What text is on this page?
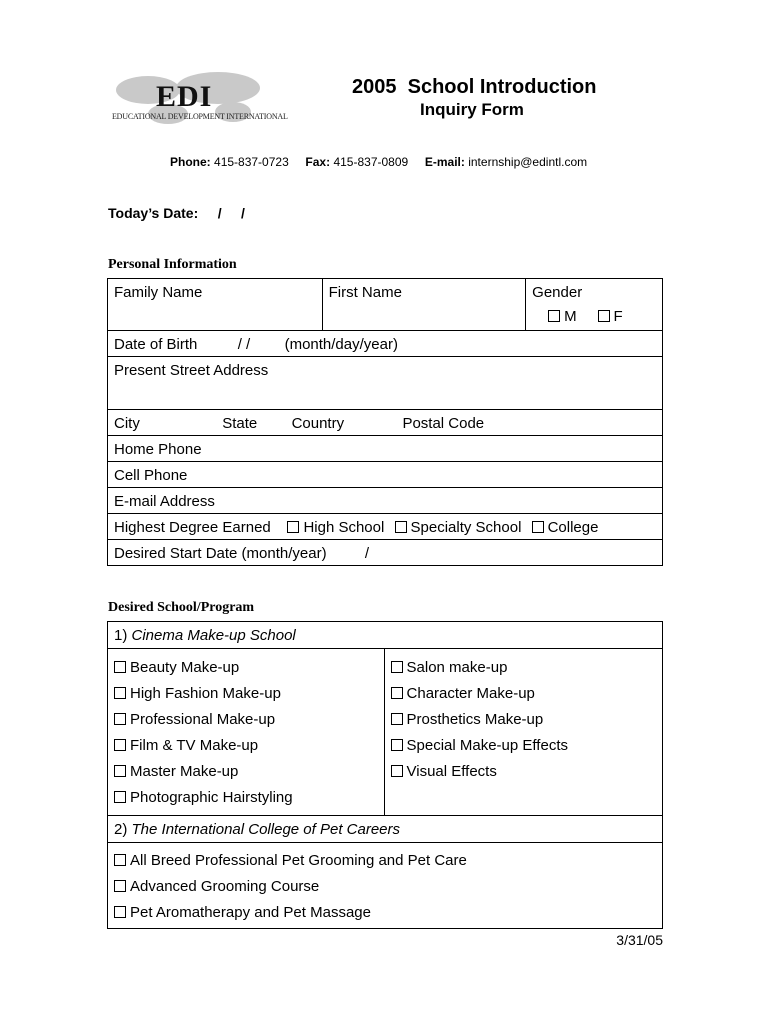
EDI
EDUCATIONAL DEVELOPMENT INTERNATIONAL
2005  School Introduction
Inquiry Form
Phone: 415-837-0723 Fax: 415-837-0809 E-mail: internship@edintl.com
Today’s Date: /     /
Personal Information
Family Name	First Name	Gender
M F

Date of Birth	/ / (month/day/year)
Present Street Address
City	State Country	Postal Code
Home Phone
Cell Phone
E-mail Address
Highest Degree Earned High School Specialty School College
Desired Start Date (month/year)	/
Desired School/Program
1) Cinema Make-up School

Beauty Make-up
High Fashion Make-up
Professional Make-up
Film & TV Make-up
Master Make-up
Photographic Hairstyling

Salon make-up
Character Make-up
Prosthetics Make-up
Special Make-up Effects
Visual Effects

2) The International College of Pet Careers

All Breed Professional Pet Grooming and Pet Care
Advanced Grooming Course
Pet Aromatherapy and Pet Massage
3/31/05
